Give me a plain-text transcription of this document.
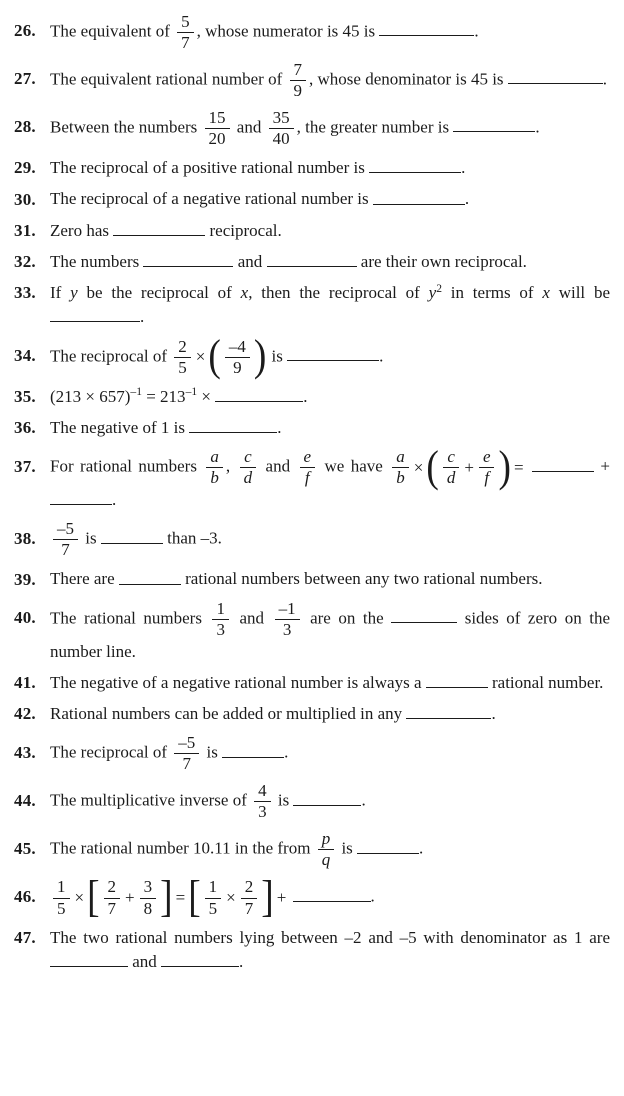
26. The equivalent of $\frac{5}{7}$ , whose numerator is 45 is	.
27. The equivalent rational number of $\frac{7}{9}$ , whose denominator is 45 is	.
28. Between the numbers $\frac{15}{20}$ and $\frac{35}{40}$ , the greater number is	.
29. The reciprocal of a positive rational number is	.
30. The reciprocal of a negative rational number is	.
31. Zero has	reciprocal.
32. The numbers	and	are their own reciprocal.
33. If y be the reciprocal of x, then the reciprocal of y2 in terms of x will be .
34. The reciprocal of $\frac{2}{5}$ ×( $\frac{-4}{9}$ ) is	.
35. (213 × 657)–1 = 213–1 ×	.
36. The negative of 1 is	.
37. For rational numbers $\frac{a}{b}$ , $\frac{c}{d}$ and $\frac{e}{f}$ we have $\frac{a}{b}$ ×( $\frac{c}{d} + \frac{e}{f}$ ) =	+ .
38. $\frac{-5}{7}$ is	than –3.
39. There are	rational numbers between any two rational numbers.
40. The rational numbers $\frac{1}{3}$ and $\frac{-1}{3}$ are on the	sides of zero on the number line.
41. The negative of a negative rational number is always a	rational number.
42. Rational numbers can be added or multiplied in any	.
43. The reciprocal of $\frac{-5}{7}$ is	.
44. The multiplicative inverse of $\frac{4}{3}$ is	.
45. The rational number 10.11 in the from $\frac{p}{q}$ is	.
46. $\frac{1}{5}$ ×[ $\frac{2}{7} + \frac{3}{8}$ ] =[ $\frac{1}{5} \times \frac{2}{7}$ ] +	.
47. The two rational numbers lying between –2 and –5 with denominator as 1 are  and	.
